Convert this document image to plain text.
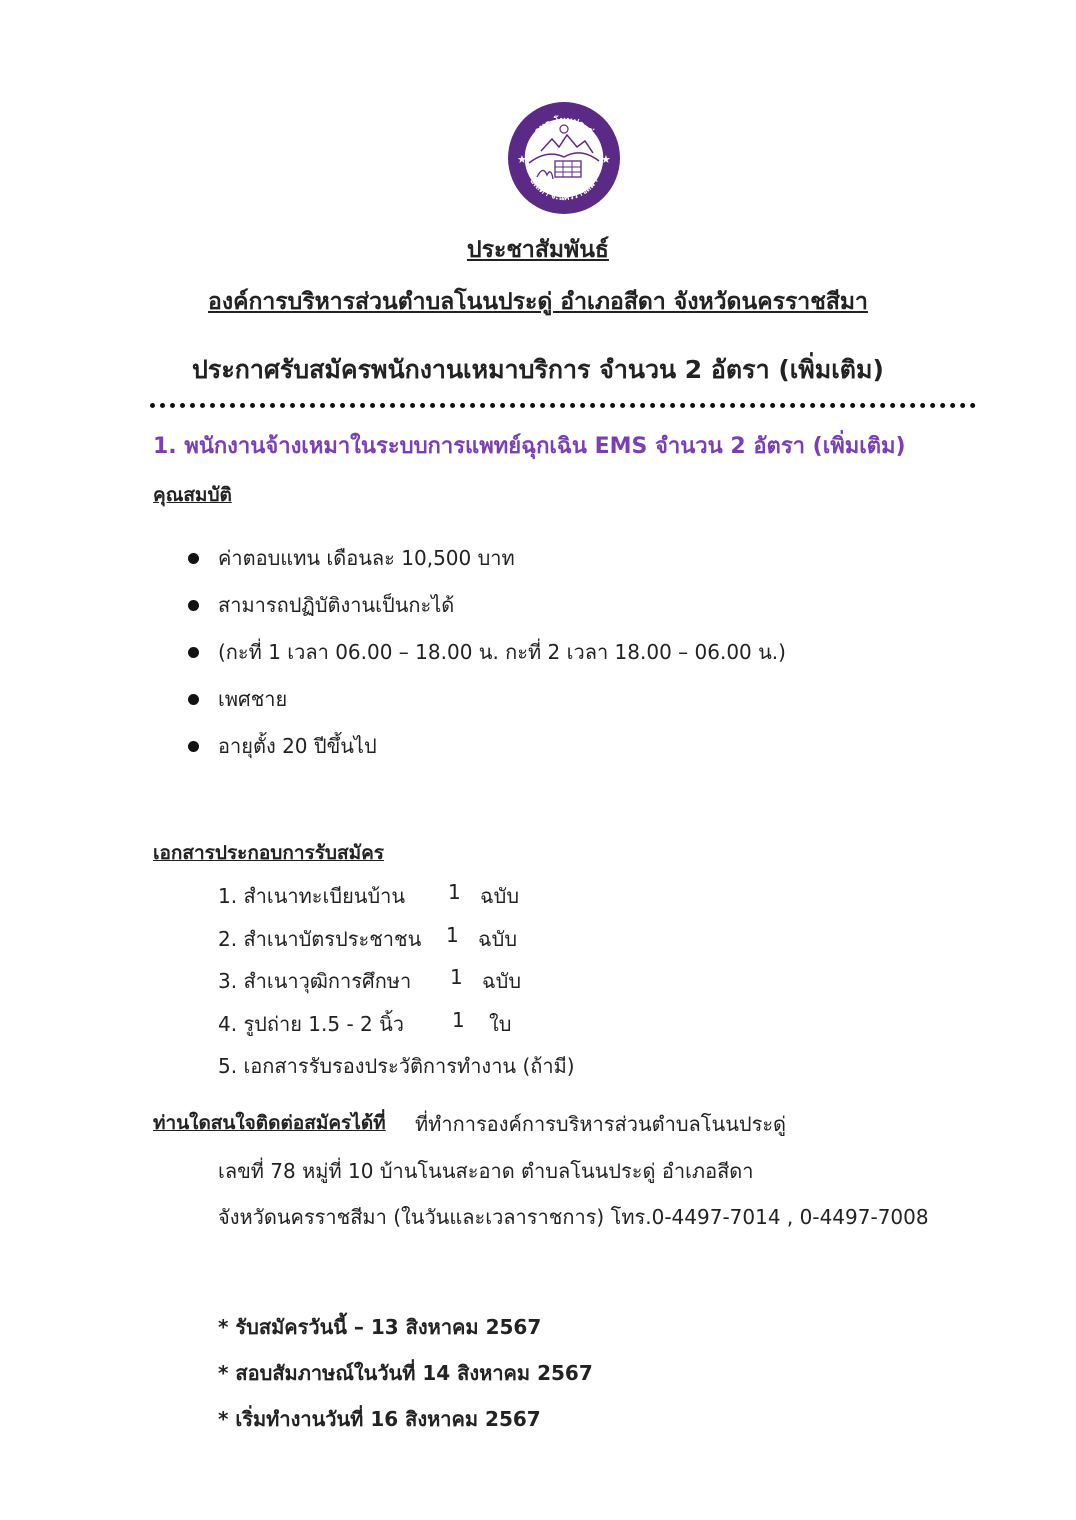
อบต.โนนประดู่
อ.สีดา จ.นครราชสีมา
★	★
ประชาสัมพันธ์
องค์การบริหารส่วนตำบลโนนประดู่ อำเภอสีดา จังหวัดนครราชสีมา
ประกาศรับสมัครพนักงานเหมาบริการ จำนวน 2 อัตรา (เพิ่มเติม)
1. พนักงานจ้างเหมาในระบบการแพทย์ฉุกเฉิน EMS จำนวน 2 อัตรา (เพิ่มเติม)
คุณสมบัติ
ค่าตอบแทน เดือนละ 10,500 บาท
สามารถปฏิบัติงานเป็นกะได้
(กะที่ 1 เวลา 06.00 – 18.00 น. กะที่ 2 เวลา 18.00 – 06.00 น.)
เพศชาย
อายุตั้ง 20 ปีขึ้นไป
เอกสารประกอบการรับสมัคร
1. สำเนาทะเบียนบ้าน 1 ฉบับ
2. สำเนาบัตรประชาชน 1 ฉบับ
3. สำเนาวุฒิการศึกษา 1 ฉบับ
4. รูปถ่าย 1.5 - 2 นิ้ว 1 ใบ
5. เอกสารรับรองประวัติการทำงาน (ถ้ามี)
ท่านใดสนใจติดต่อสมัครได้ที่ ที่ทำการองค์การบริหารส่วนตำบลโนนประดู่
เลขที่ 78 หมู่ที่ 10 บ้านโนนสะอาด ตำบลโนนประดู่ อำเภอสีดา
จังหวัดนครราชสีมา (ในวันและเวลาราชการ) โทร.0-4497-7014 , 0-4497-7008
* รับสมัครวันนี้ – 13 สิงหาคม 2567
* สอบสัมภาษณ์ในวันที่ 14 สิงหาคม 2567
* เริ่มทำงานวันที่ 16 สิงหาคม 2567
